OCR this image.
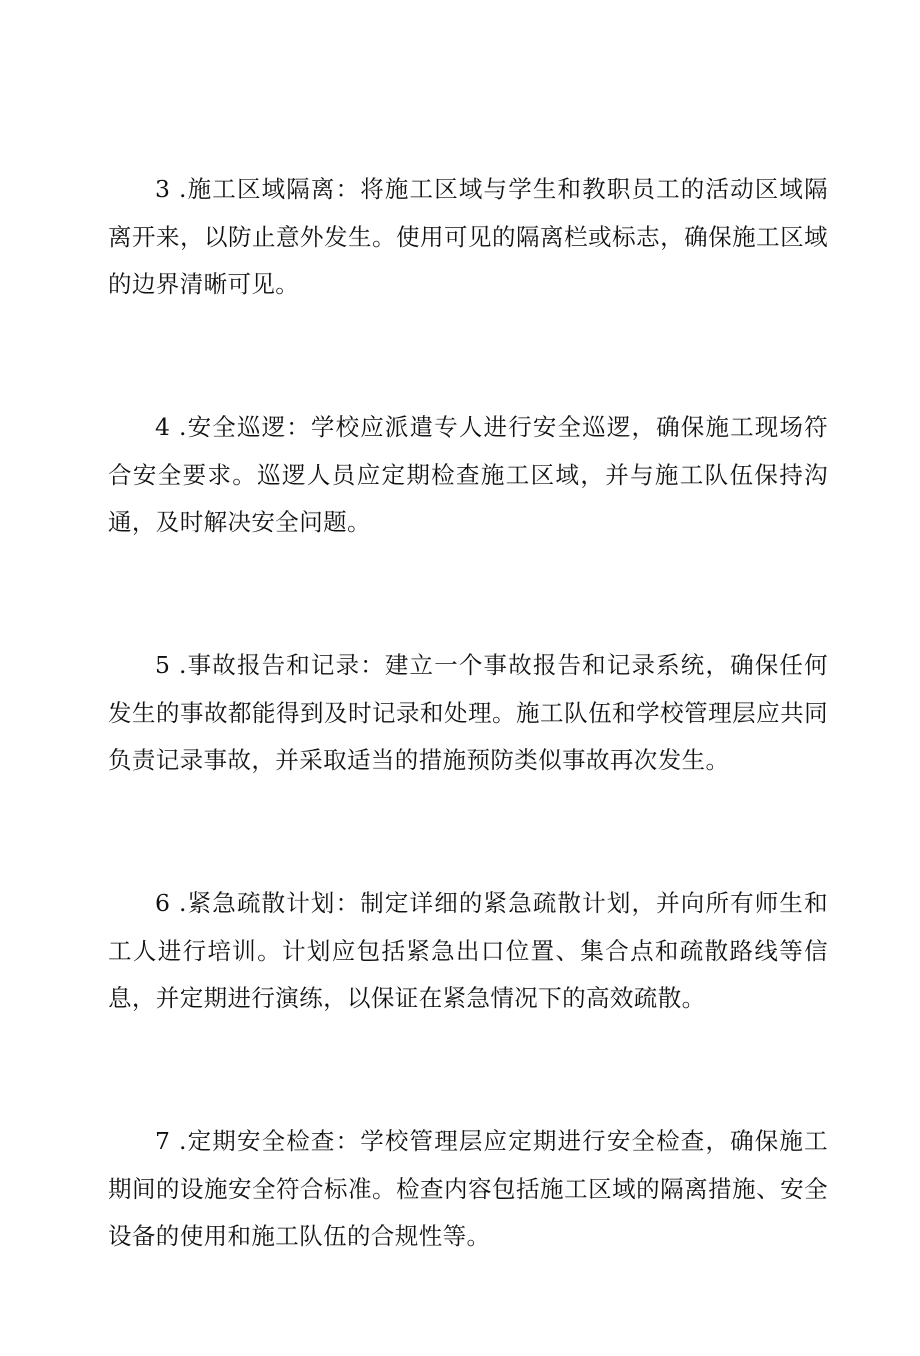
3 .施工区域隔离：将施工区域与学生和教职员工的活动区域隔离开来，以防止意外发生。使用可见的隔离栏或标志，确保施工区域的边界清晰可见。

4 .安全巡逻：学校应派遣专人进行安全巡逻，确保施工现场符合安全要求。巡逻人员应定期检查施工区域，并与施工队伍保持沟通，及时解决安全问题。

5 .事故报告和记录：建立一个事故报告和记录系统，确保任何发生的事故都能得到及时记录和处理。施工队伍和学校管理层应共同负责记录事故，并采取适当的措施预防类似事故再次发生。

6 .紧急疏散计划：制定详细的紧急疏散计划，并向所有师生和工人进行培训。计划应包括紧急出口位置、集合点和疏散路线等信息，并定期进行演练，以保证在紧急情况下的高效疏散。

7 .定期安全检查：学校管理层应定期进行安全检查，确保施工期间的设施安全符合标准。检查内容包括施工区域的隔离措施、安全设备的使用和施工队伍的合规性等。
